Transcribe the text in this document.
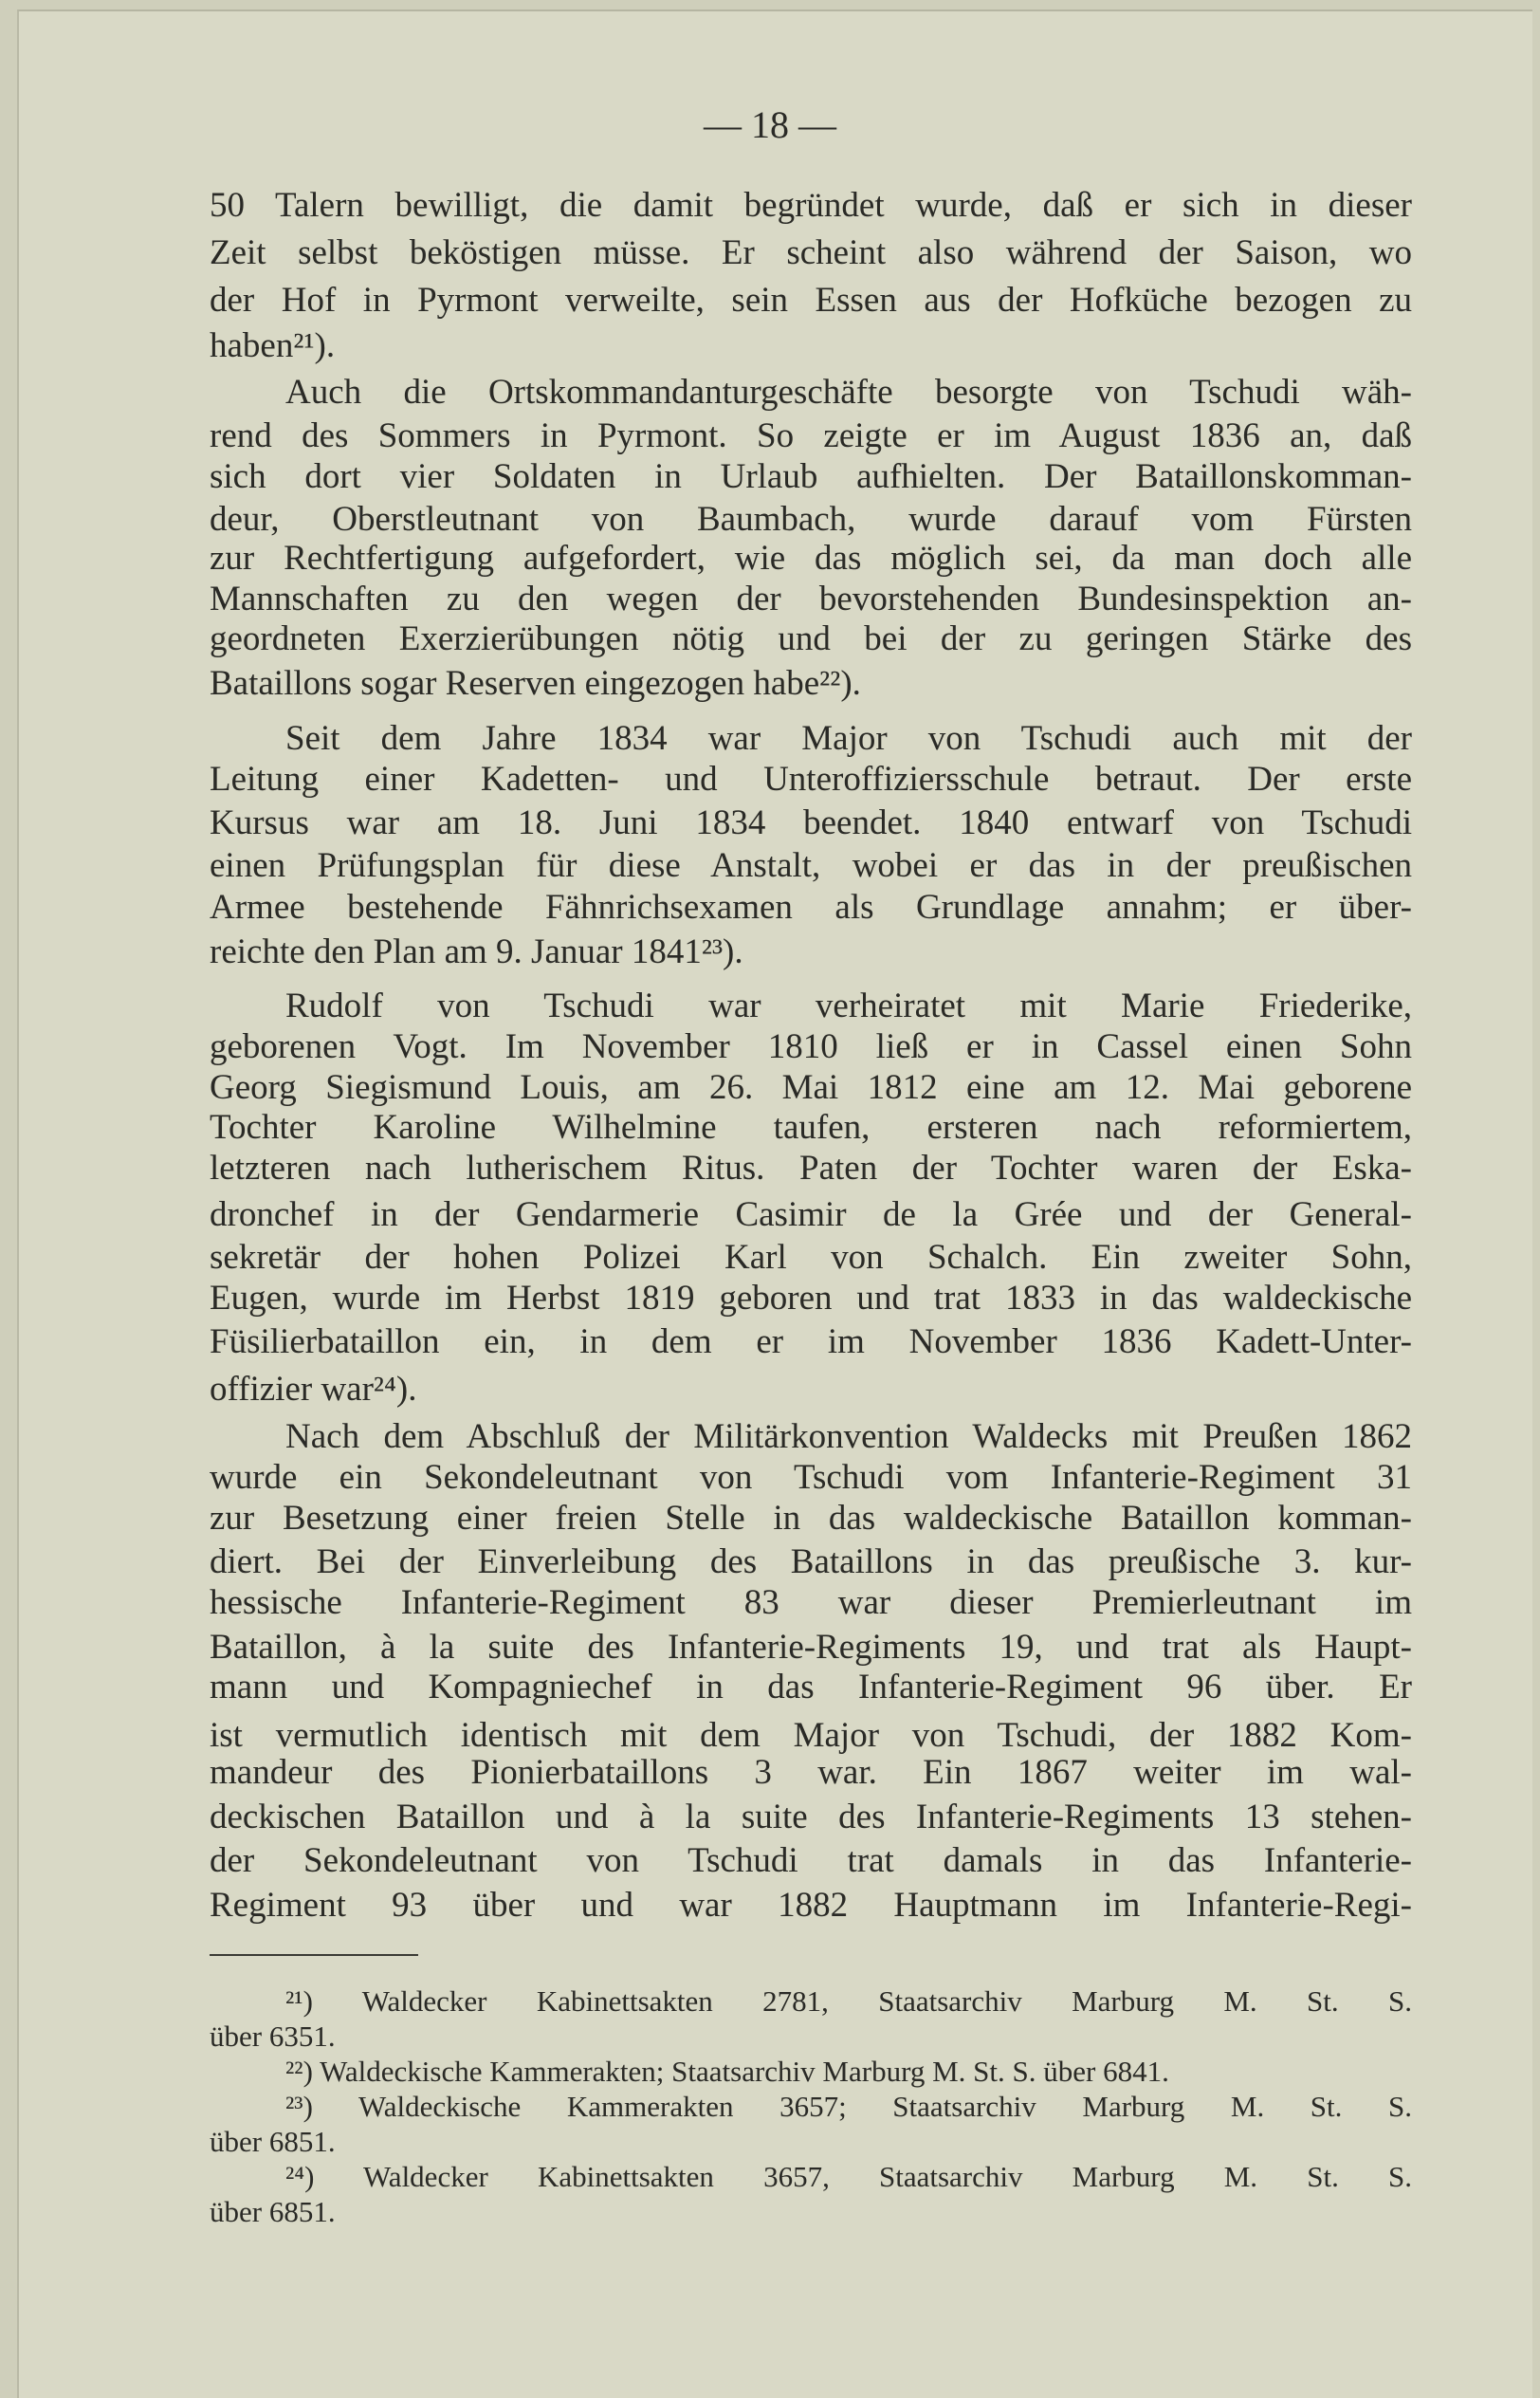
— 18 —
50 Talern bewilligt, die damit begründet wurde, daß er sich in dieser
Zeit selbst beköstigen müsse. Er scheint also während der Saison, wo
der Hof in Pyrmont verweilte, sein Essen aus der Hofküche bezogen zu
haben²¹).
Auch die Ortskommandanturgeschäfte besorgte von Tschudi wäh-
rend des Sommers in Pyrmont. So zeigte er im August 1836 an, daß
sich dort vier Soldaten in Urlaub aufhielten. Der Bataillonskomman-
deur, Oberstleutnant von Baumbach, wurde darauf vom Fürsten
zur Rechtfertigung aufgefordert, wie das möglich sei, da man doch alle
Mannschaften zu den wegen der bevorstehenden Bundesinspektion an-
geordneten Exerzierübungen nötig und bei der zu geringen Stärke des
Bataillons sogar Reserven eingezogen habe²²).
Seit dem Jahre 1834 war Major von Tschudi auch mit der
Leitung einer Kadetten- und Unteroffiziersschule betraut. Der erste
Kursus war am 18. Juni 1834 beendet. 1840 entwarf von Tschudi
einen Prüfungsplan für diese Anstalt, wobei er das in der preußischen
Armee bestehende Fähnrichsexamen als Grundlage annahm; er über-
reichte den Plan am 9. Januar 1841²³).
Rudolf von Tschudi war verheiratet mit Marie Friederike,
geborenen Vogt. Im November 1810 ließ er in Cassel einen Sohn
Georg Siegismund Louis, am 26. Mai 1812 eine am 12. Mai geborene
Tochter Karoline Wilhelmine taufen, ersteren nach reformiertem,
letzteren nach lutherischem Ritus. Paten der Tochter waren der Eska-
dronchef in der Gendarmerie Casimir de la Grée und der General-
sekretär der hohen Polizei Karl von Schalch. Ein zweiter Sohn,
Eugen, wurde im Herbst 1819 geboren und trat 1833 in das waldeckische
Füsilierbataillon ein, in dem er im November 1836 Kadett-Unter-
offizier war²⁴).
Nach dem Abschluß der Militärkonvention Waldecks mit Preußen 1862
wurde ein Sekondeleutnant von Tschudi vom Infanterie-Regiment 31
zur Besetzung einer freien Stelle in das waldeckische Bataillon komman-
diert. Bei der Einverleibung des Bataillons in das preußische 3. kur-
hessische Infanterie-Regiment 83 war dieser Premierleutnant im
Bataillon, à la suite des Infanterie-Regiments 19, und trat als Haupt-
mann und Kompagniechef in das Infanterie-Regiment 96 über. Er
ist vermutlich identisch mit dem Major von Tschudi, der 1882 Kom-
mandeur des Pionierbataillons 3 war. Ein 1867 weiter im wal-
deckischen Bataillon und à la suite des Infanterie-Regiments 13 stehen-
der Sekondeleutnant von Tschudi trat damals in das Infanterie-
Regiment 93 über und war 1882 Hauptmann im Infanterie-Regi-
²¹) Waldecker Kabinettsakten 2781, Staatsarchiv Marburg M. St. S.
über 6351.
²²) Waldeckische Kammerakten; Staatsarchiv Marburg M. St. S. über 6841.
²³) Waldeckische Kammerakten 3657; Staatsarchiv Marburg M. St. S.
über 6851.
²⁴) Waldecker Kabinettsakten 3657, Staatsarchiv Marburg M. St. S.
über 6851.
